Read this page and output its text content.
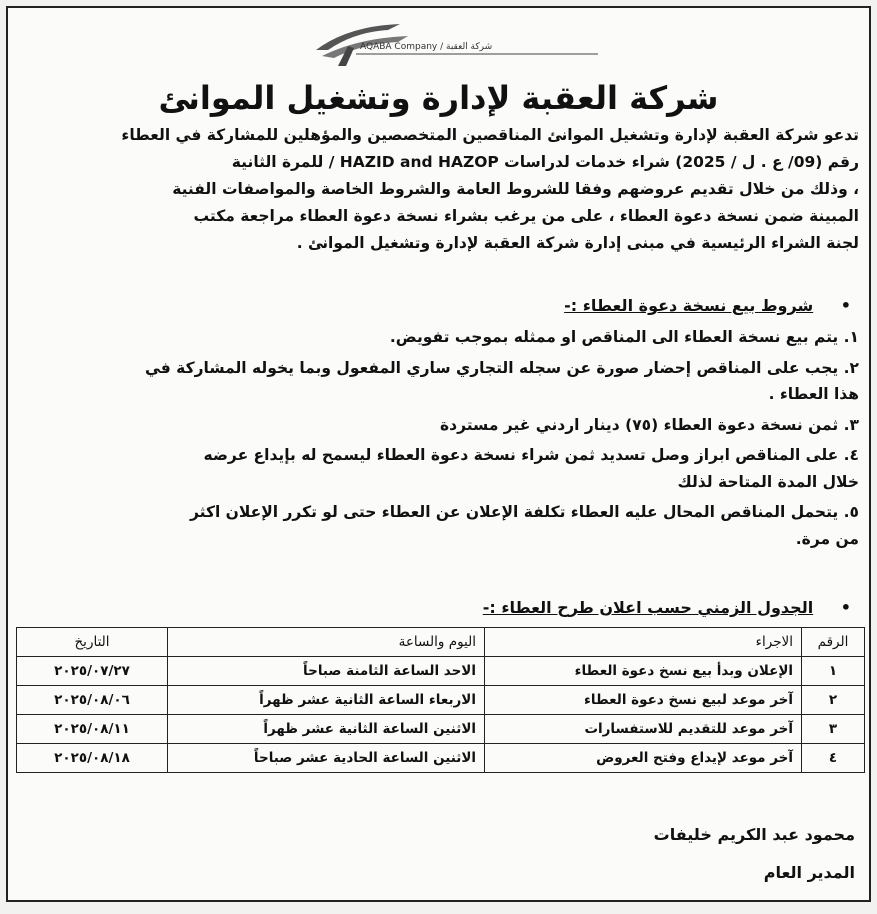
AQABA Company / شركة العقبة
شركة العقبة لإدارة وتشغيل الموانئ
تدعو شركة العقبة لإدارة وتشغيل الموانئ المناقصين المتخصصين والمؤهلين للمشاركة في العطاء
رقم (09/ ع . ل / 2025) شراء خدمات لدراسات HAZID and HAZOP / للمرة الثانية
، وذلك من خلال تقديم عروضهم وفقا للشروط العامة والشروط الخاصة والمواصفات الفنية
المبينة ضمن نسخة دعوة العطاء ، على من يرغب بشراء نسخة دعوة العطاء مراجعة مكتب
لجنة الشراء الرئيسية في مبنى إدارة شركة العقبة لإدارة وتشغيل الموانئ .
• شروط بيع نسخة دعوة العطاء :-

١. يتم بيع نسخة العطاء الى المناقص او ممثله بموجب تفويض.

٢. يجب على المناقص إحضار صورة عن سجله التجاري ساري المفعول وبما يخوله المشاركة في

هذا العطاء .

٣. ثمن نسخة دعوة العطاء (٧٥) دينار اردني غير مستردة

٤. على المناقص ابراز وصل تسديد ثمن شراء نسخة دعوة العطاء ليسمح له بإيداع عرضه

خلال المدة المتاحة لذلك

٥. يتحمل المناقص المحال عليه العطاء تكلفة الإعلان عن العطاء حتى لو تكرر الإعلان اكثر

من مرة.

• الجدول الزمني حسب اعلان طرح العطاء :-
الرقم	الاجراء	اليوم والساعة	التاريخ
١	الإعلان وبدأ بيع نسخ دعوة العطاء	الاحد الساعة الثامنة صباحاً	٢٠٢٥/٠٧/٢٧
٢	آخر موعد لبيع نسخ دعوة العطاء	الاربعاء الساعة الثانية عشر ظهراً	٢٠٢٥/٠٨/٠٦
٣	آخر موعد للتقديم للاستفسارات	الاثنين الساعة الثانية عشر ظهراً	٢٠٢٥/٠٨/١١
٤	آخر موعد لإيداع وفتح العروض	الاثنين الساعة الحادية عشر صباحاً	٢٠٢٥/٠٨/١٨
محمود عبد الكريم خليفات
المدير العام
